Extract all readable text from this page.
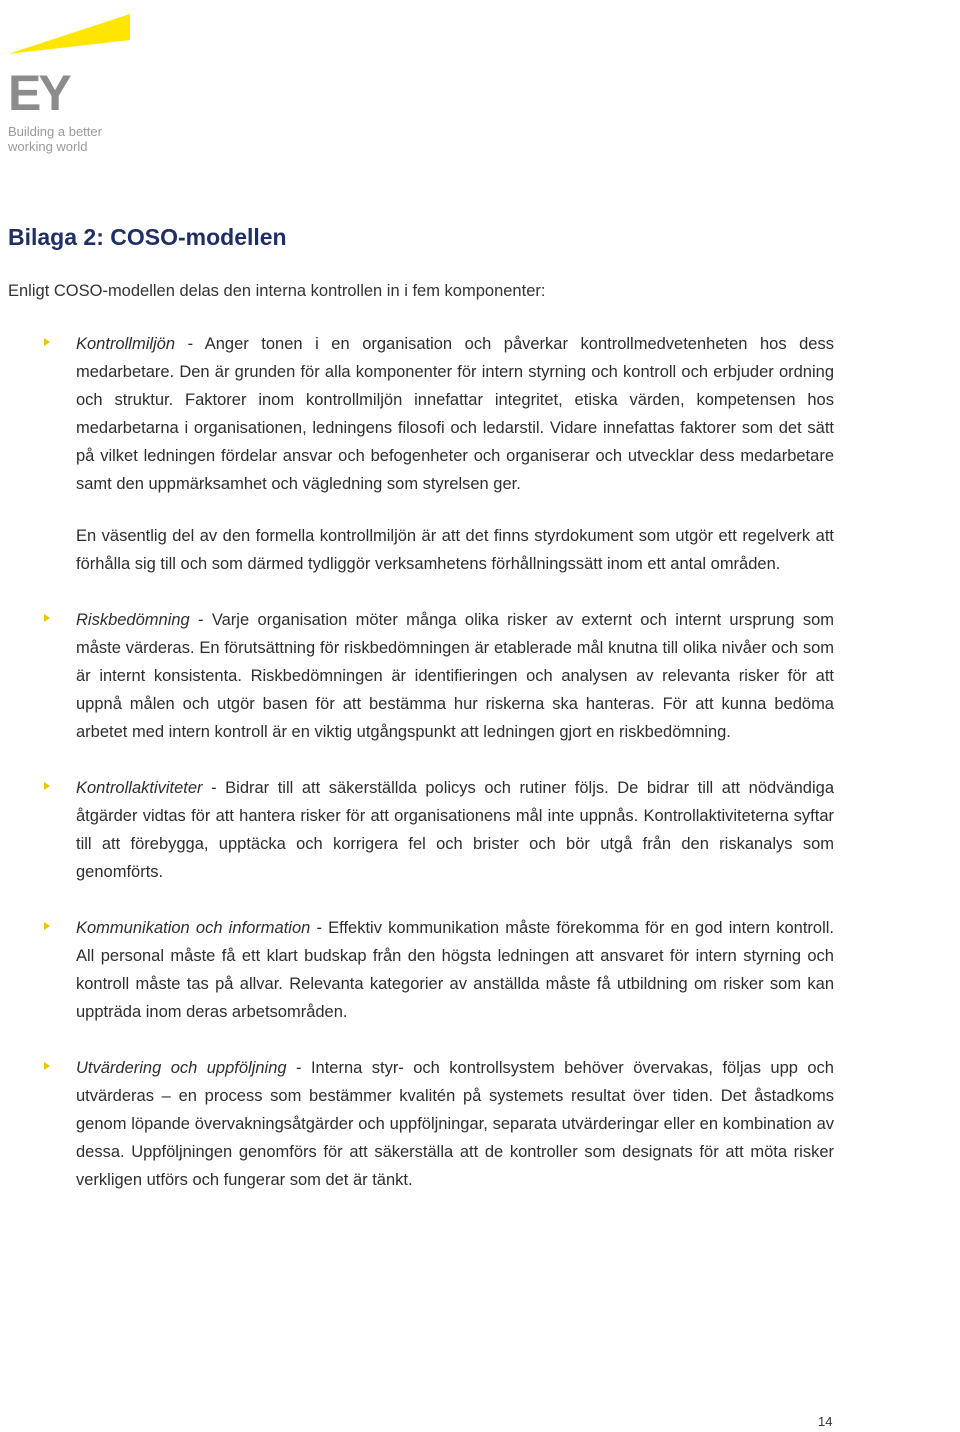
EY
Building a better
working world
Bilaga 2: COSO-modellen

Enligt COSO-modellen delas den interna kontrollen in i fem komponenter:

Kontrollmiljön - Anger tonen i en organisation och påverkar kontrollmedvetenheten hos dess medarbetare. Den är grunden för alla komponenter för intern styrning och kontroll och erbjuder ordning och struktur. Faktorer inom kontrollmiljön innefattar integritet, etiska värden, kompetensen hos medarbetarna i organisationen, ledningens filosofi och ledarstil. Vidare innefattas faktorer som det sätt på vilket ledningen fördelar ansvar och befogenheter och organiserar och utvecklar dess medarbetare samt den uppmärksamhet och vägledning som styrelsen ger.

En väsentlig del av den formella kontrollmiljön är att det finns styrdokument som utgör ett regelverk att förhålla sig till och som därmed tydliggör verksamhetens förhållningssätt inom ett antal områden.

Riskbedömning - Varje organisation möter många olika risker av externt och internt ursprung som måste värderas. En förutsättning för riskbedömningen är etablerade mål knutna till olika nivåer och som är internt konsistenta. Riskbedömningen är identifieringen och analysen av relevanta risker för att uppnå målen och utgör basen för att bestämma hur riskerna ska hanteras. För att kunna bedöma arbetet med intern kontroll är en viktig utgångspunkt att ledningen gjort en riskbedömning.

Kontrollaktiviteter - Bidrar till att säkerställda policys och rutiner följs. De bidrar till att nödvändiga åtgärder vidtas för att hantera risker för att organisationens mål inte uppnås. Kontrollaktiviteterna syftar till att förebygga, upptäcka och korrigera fel och brister och bör utgå från den riskanalys som genomförts.

Kommunikation och information - Effektiv kommunikation måste förekomma för en god intern kontroll. All personal måste få ett klart budskap från den högsta ledningen att ansvaret för intern styrning och kontroll måste tas på allvar. Relevanta kategorier av anställda måste få utbildning om risker som kan uppträda inom deras arbetsområden.

Utvärdering och uppföljning - Interna styr- och kontrollsystem behöver övervakas, följas upp och utvärderas – en process som bestämmer kvalitén på systemets resultat över tiden. Det åstadkoms genom löpande övervakningsåtgärder och uppföljningar, separata utvärderingar eller en kombination av dessa. Uppföljningen genomförs för att säkerställa att de kontroller som designats för att möta risker verkligen utförs och fungerar som det är tänkt.

14
